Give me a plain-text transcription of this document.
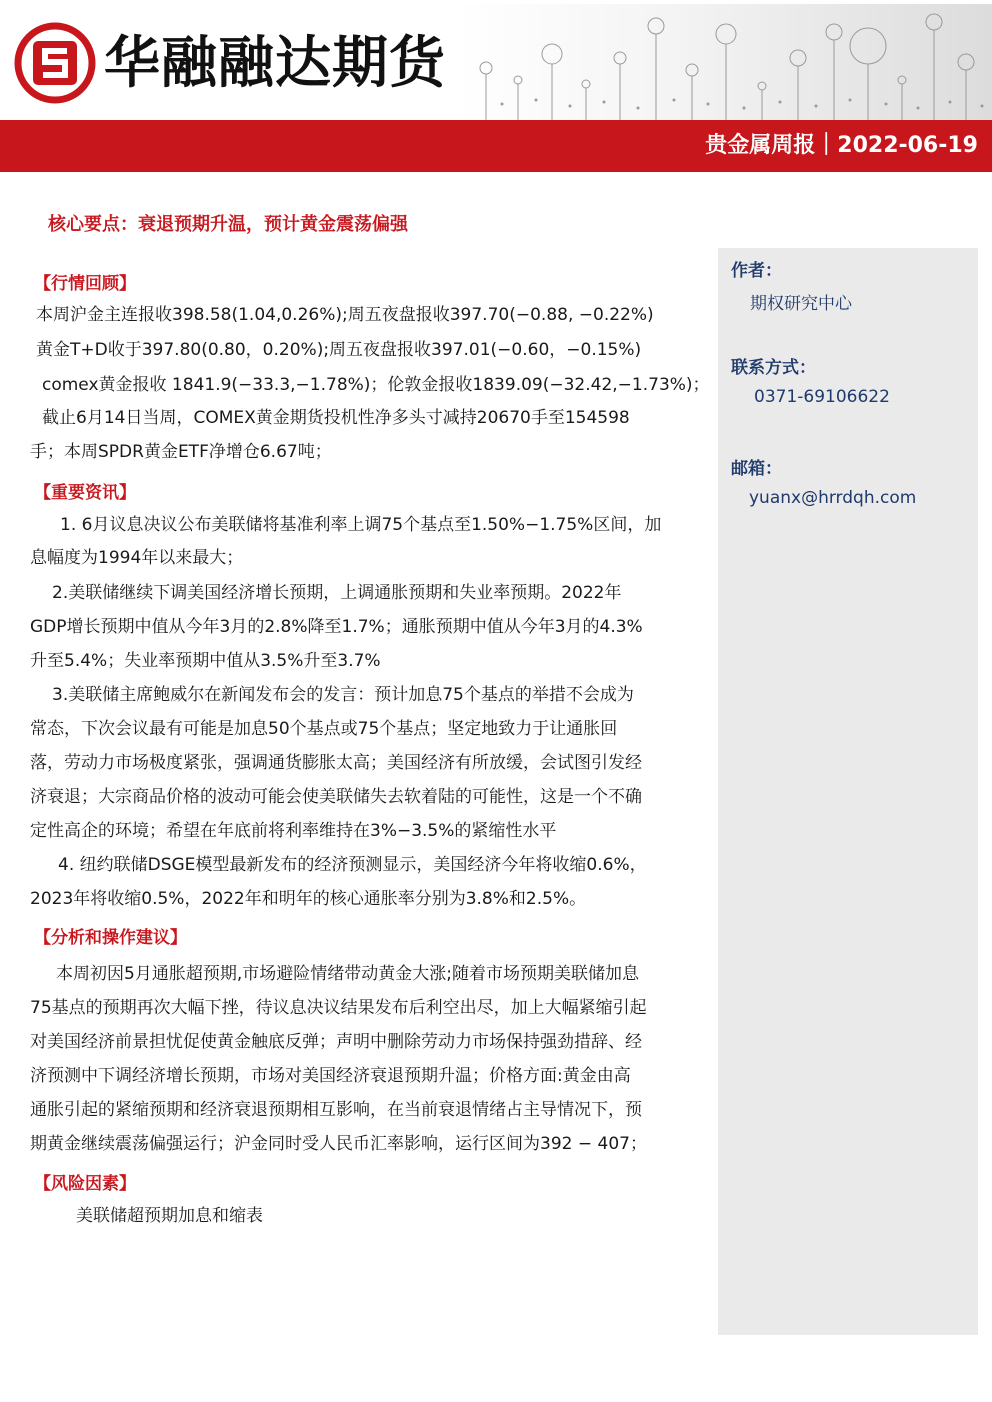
华融融达期货
贵金属周报｜2022-06-19
核心要点：衰退预期升温，预计黄金震荡偏强
作者：
期权研究中心
联系方式：
0371-69106622
邮箱：
yuanx@hrrdqh.com
【行情回顾】
本周沪金主连报收398.58(1.04,0.26%);周五夜盘报收397.70(−0.88, −0.22%)
黄金T+D收于397.80(0.80，0.20%);周五夜盘报收397.01(−0.60，−0.15%)
comex黄金报收 1841.9(−33.3,−1.78%)；伦敦金报收1839.09(−32.42,−1.73%)；
截止6月14日当周，COMEX黄金期货投机性净多头寸减持20670手至154598
手；本周SPDR黄金ETF净增仓6.67吨；
【重要资讯】
1. 6月议息决议公布美联储将基准利率上调75个基点至1.50%−1.75%区间，加
息幅度为1994年以来最大；
2.美联储继续下调美国经济增长预期，上调通胀预期和失业率预期。2022年
GDP增长预期中值从今年3月的2.8%降至1.7%；通胀预期中值从今年3月的4.3%
升至5.4%；失业率预期中值从3.5%升至3.7%
3.美联储主席鲍威尔在新闻发布会的发言：预计加息75个基点的举措不会成为
常态，下次会议最有可能是加息50个基点或75个基点；坚定地致力于让通胀回
落，劳动力市场极度紧张，强调通货膨胀太高；美国经济有所放缓，会试图引发经
济衰退；大宗商品价格的波动可能会使美联储失去软着陆的可能性，这是一个不确
定性高企的环境；希望在年底前将利率维持在3%−3.5%的紧缩性水平
4. 纽约联储DSGE模型最新发布的经济预测显示，美国经济今年将收缩0.6%，
2023年将收缩0.5%，2022年和明年的核心通胀率分别为3.8%和2.5%。
【分析和操作建议】
本周初因5月通胀超预期,市场避险情绪带动黄金大涨;随着市场预期美联储加息
75基点的预期再次大幅下挫，待议息决议结果发布后利空出尽，加上大幅紧缩引起
对美国经济前景担忧促使黄金触底反弹；声明中删除劳动力市场保持强劲措辞、经
济预测中下调经济增长预期，市场对美国经济衰退预期升温；价格方面:黄金由高
通胀引起的紧缩预期和经济衰退预期相互影响，在当前衰退情绪占主导情况下，预
期黄金继续震荡偏强运行；沪金同时受人民币汇率影响，运行区间为392 − 407；
【风险因素】
美联储超预期加息和缩表
